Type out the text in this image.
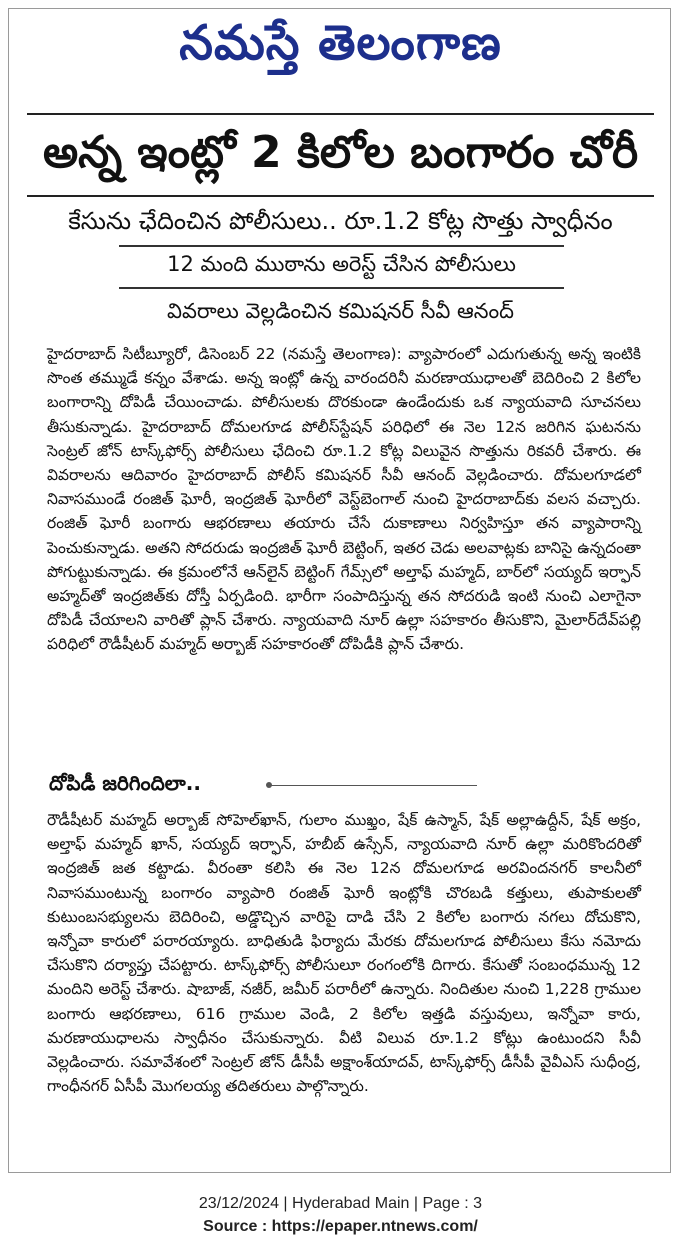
నమస్తే తెలంగాణ
అన్న ఇంట్లో 2 కిలోల బంగారం చోరీ
కేసును ఛేదించిన పోలీసులు.. రూ.1.2 కోట్ల సొత్తు స్వాధీనం
12 మంది ముఠాను అరెస్ట్ చేసిన పోలీసులు
వివరాలు వెల్లడించిన కమిషనర్ సీవీ ఆనంద్

హైదరాబాద్ సిటీబ్యూరో, డిసెంబర్ 22 (నమస్తే తెలంగాణ): వ్యాపారంలో ఎదుగుతున్న అన్న ఇంటికి సొంత తమ్ముడే కన్నం వేశాడు. అన్న ఇంట్లో ఉన్న వారందరినీ మరణాయుధాలతో బెదిరించి 2 కిలోల బంగారాన్ని దోపిడీ చేయించాడు. పోలీసులకు దొరకుండా ఉండేందుకు ఒక న్యాయవాది సూచనలు తీసుకున్నాడు. హైదరాబాద్ దోమలగూడ పోలీస్‌స్టేషన్ పరిధిలో ఈ నెల 12న జరిగిన ఘటనను సెంట్రల్ జోన్ టాస్క్‌ఫోర్స్ పోలీసులు ఛేదించి రూ.1.2 కోట్ల విలువైన సొత్తును రికవరీ చేశారు. ఈ వివరాలను ఆదివారం హైదరాబాద్ పోలీస్ కమిషనర్ సీవీ ఆనంద్ వెల్లడించారు. దోమలగూడలో నివాసముండే రంజిత్ ఘోరీ, ఇంద్రజిత్ ఘోరీలో వెస్ట్‌బెంగాల్ నుంచి హైదరాబాద్‌కు వలస వచ్చారు. రంజిత్ ఘోరీ బంగారు ఆభరణాలు తయారు చేసే దుకాణాలు నిర్వహిస్తూ తన వ్యాపారాన్ని పెంచుకున్నాడు. అతని సోదరుడు ఇంద్రజిత్ ఘోరీ బెట్టింగ్, ఇతర చెడు అలవాట్లకు బానిసై ఉన్నదంతా పోగుట్టుకున్నాడు. ఈ క్రమంలోనే ఆన్‌లైన్ బెట్టింగ్ గేమ్స్‌లో అల్తాఫ్ మహ్మద్, బార్‌లో సయ్యద్ ఇర్ఫాన్ అహ్మద్‌తో ఇంద్రజిత్‌కు దోస్తీ ఏర్పడింది. భారీగా సంపాదిస్తున్న తన సోదరుడి ఇంటి నుంచి ఎలాగైనా దోపిడీ చేయాలని వారితో ప్లాన్ చేశారు. న్యాయవాది నూర్ ఉల్లా సహకారం తీసుకొని, మైలార్‌దేవ్‌పల్లి పరిధిలో రౌడీషీటర్ మహ్మద్ అర్బాజ్ సహకారంతో దోపిడీకి ప్లాన్ చేశారు.

దోపిడీ జరిగిందిలా..

రౌడీషీటర్ మహ్మద్ అర్బాజ్ సోహెల్‌ఖాన్, గులాం ముఖ్తం, షేక్ ఉస్మాన్, షేక్ అల్లాఉద్దీన్, షేక్ అక్రం, అల్తాఫ్ మహ్మద్ ఖాన్, సయ్యద్ ఇర్ఫాన్, హబీబ్ ఉస్సేన్, న్యాయవాది నూర్ ఉల్లా మరికొందరితో ఇంద్రజిత్ జత కట్టాడు. వీరంతా కలిసి ఈ నెల 12న దోమలగూడ అరవిందనగర్ కాలనీలో నివాసముంటున్న బంగారం వ్యాపారి రంజిత్ ఘోరీ ఇంట్లోకి చొరబడి కత్తులు, తుపాకులతో కుటుంబసభ్యులను బెదిరించి, అడ్డొచ్చిన వారిపై దాడి చేసి 2 కిలోల బంగారు నగలు దోచుకొని, ఇన్నోవా కారులో పరారయ్యారు. బాధితుడి ఫిర్యాదు మేరకు దోమలగూడ పోలీసులు కేసు నమోదు చేసుకొని దర్యాప్తు చేపట్టారు. టాస్క్‌ఫోర్స్ పోలీసులూ రంగంలోకి దిగారు. కేసుతో సంబంధమున్న 12 మందిని అరెస్ట్ చేశారు. షాబాజ్, నజీర్, జమీర్ పరారీలో ఉన్నారు. నిందితుల నుంచి 1,228 గ్రాముల బంగారు ఆభరణాలు, 616 గ్రాముల వెండి, 2 కిలోల ఇత్తడి వస్తువులు, ఇన్నోవా కారు, మరణాయుధాలను స్వాధీనం చేసుకున్నారు. వీటి విలువ రూ.1.2 కోట్లు ఉంటుందని సీవీ వెల్లడించారు. సమావేశంలో సెంట్రల్ జోన్ డీసీపీ అక్షాంశ్‌యాదవ్, టాస్క్‌ఫోర్స్ డీసీపీ వైవీఎస్ సుధీంద్ర, గాంధీనగర్ ఏసీపీ మొగలయ్య తదితరులు పాల్గొన్నారు.

23/12/2024 | Hyderabad Main | Page : 3
Source : https://epaper.ntnews.com/
